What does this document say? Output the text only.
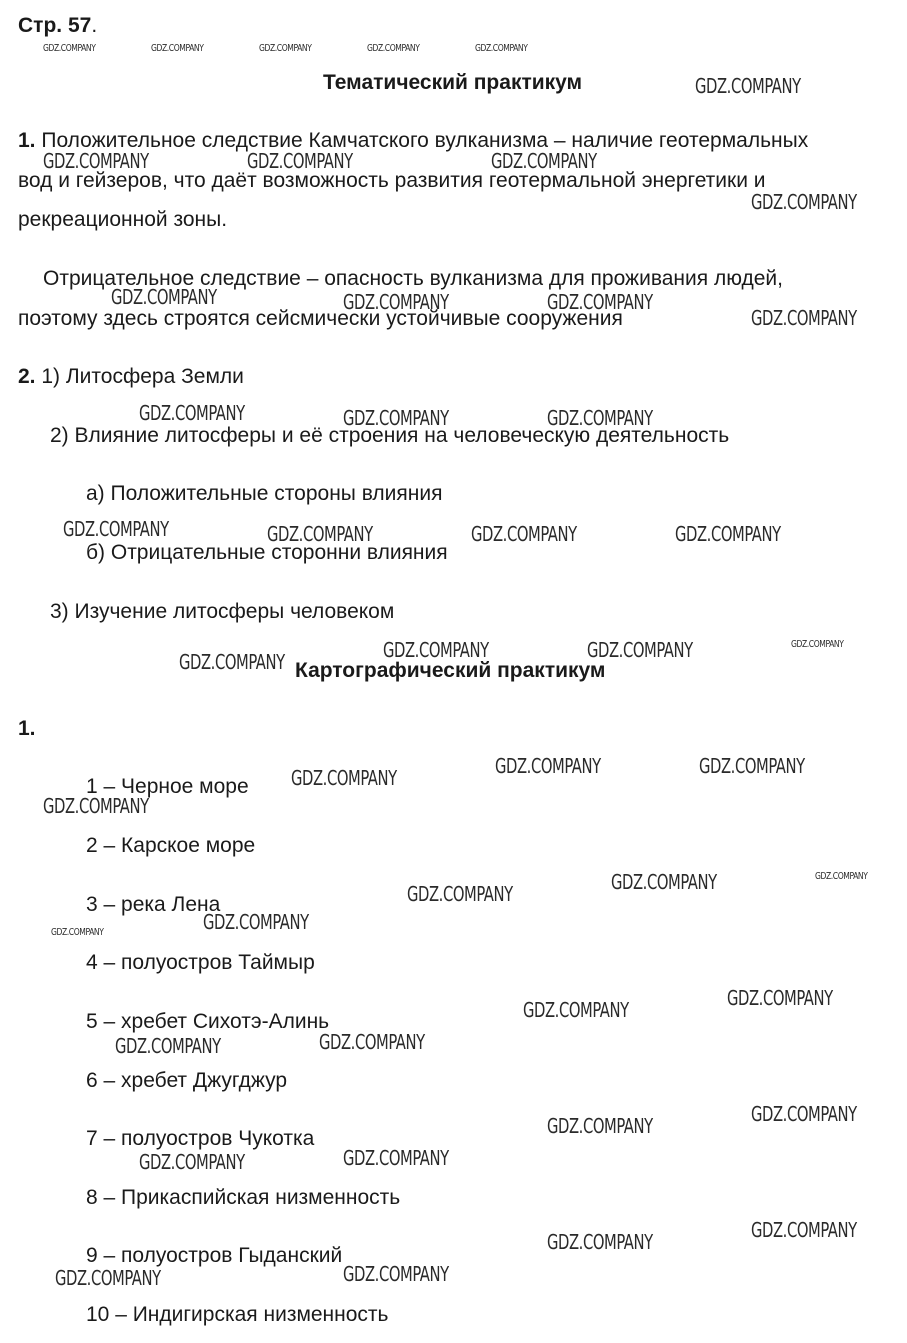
Стр. 57.
Тематический практикум
1. Положительное следствие Камчатского вулканизма – наличие геотермальных
вод и гейзеров, что даёт возможность развития геотермальной энергетики и
рекреационной зоны.
Отрицательное следствие – опасность вулканизма для проживания людей,
поэтому здесь строятся сейсмически устойчивые сооружения
2. 1) Литосфера Земли
2) Влияние литосферы и её строения на человеческую деятельность
а) Положительные стороны влияния
б) Отрицательные сторонни влияния
3) Изучение литосферы человеком
Картографический практикум
1.
1 – Черное море
2 – Карское море
3 – река Лена
4 – полуостров Таймыр
5 – хребет Сихотэ-Алинь
6 – хребет Джугджур
7 – полуостров Чукотка
8 – Прикаспийская низменность
9 – полуостров Гыданский
10 – Индигирская низменность
GDZ.COMPANY	GDZ.COMPANY	GDZ.COMPANY	GDZ.COMPANY	GDZ.COMPANY
GDZ.COMPANY
GDZ.COMPANY	GDZ.COMPANY	GDZ.COMPANY
GDZ.COMPANY
GDZ.COMPANY	GDZ.COMPANY	GDZ.COMPANY
GDZ.COMPANY
GDZ.COMPANY	GDZ.COMPANY	GDZ.COMPANY
GDZ.COMPANY	GDZ.COMPANY	GDZ.COMPANY	GDZ.COMPANY
GDZ.COMPANY	GDZ.COMPANY	GDZ.COMPANY
GDZ.COMPANY
GDZ.COMPANY	GDZ.COMPANY
GDZ.COMPANY
GDZ.COMPANY
GDZ.COMPANY	GDZ.COMPANY
GDZ.COMPANY
GDZ.COMPANY
GDZ.COMPANY
GDZ.COMPANY
GDZ.COMPANY
GDZ.COMPANY
GDZ.COMPANY
GDZ.COMPANY
GDZ.COMPANY
GDZ.COMPANY
GDZ.COMPANY
GDZ.COMPANY
GDZ.COMPANY
GDZ.COMPANY
GDZ.COMPANY
